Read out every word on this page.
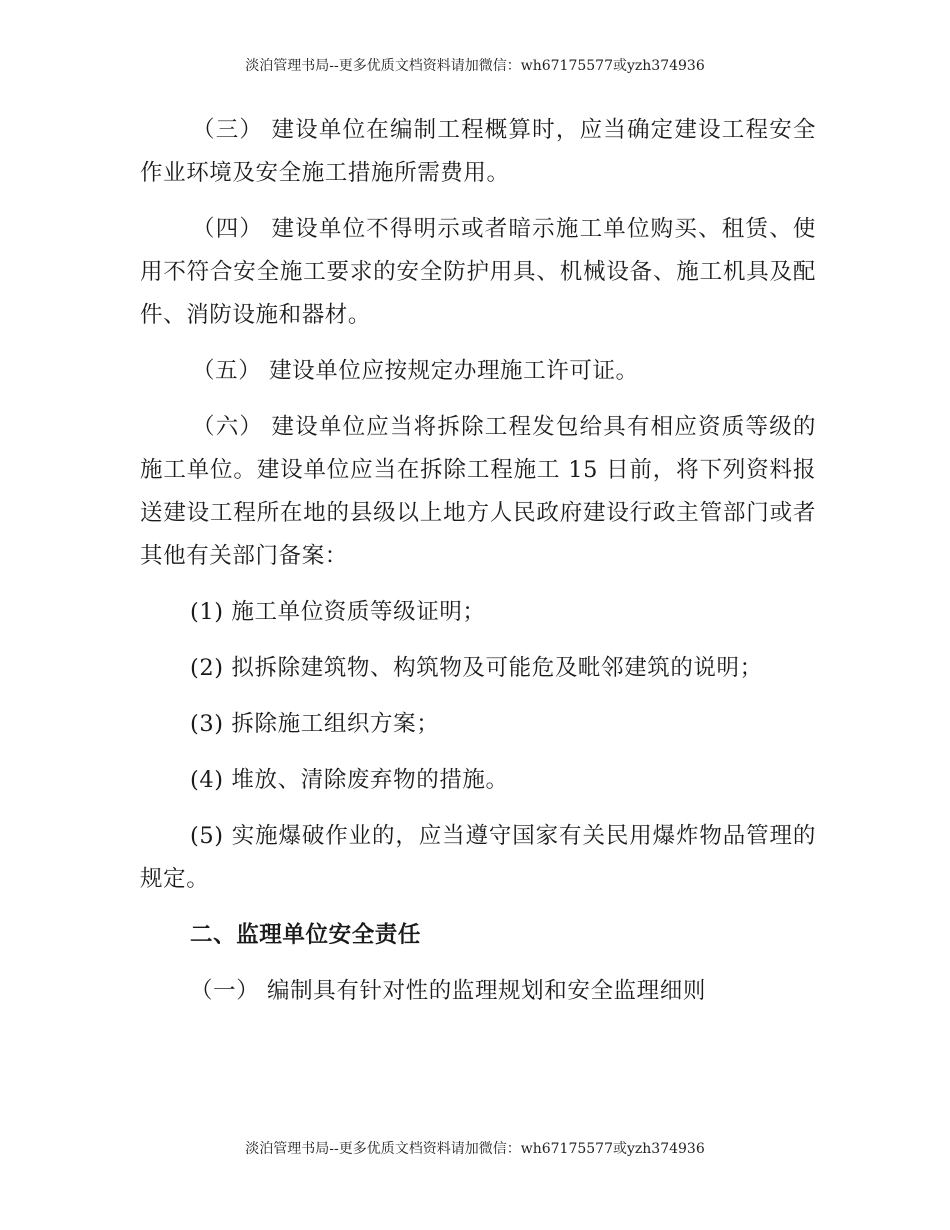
淡泊管理书局--更多优质文档资料请加微信：wh67175577或yzh374936

（三） 建设单位在编制工程概算时，应当确定建设工程安全作业环境及安全施工措施所需费用。

（四） 建设单位不得明示或者暗示施工单位购买、租赁、使用不符合安全施工要求的安全防护用具、机械设备、施工机具及配件、消防设施和器材。

（五） 建设单位应按规定办理施工许可证。

（六） 建设单位应当将拆除工程发包给具有相应资质等级的施工单位。建设单位应当在拆除工程施工 15 日前，将下列资料报送建设工程所在地的县级以上地方人民政府建设行政主管部门或者其他有关部门备案：

(1) 施工单位资质等级证明；

(2) 拟拆除建筑物、构筑物及可能危及毗邻建筑的说明；

(3) 拆除施工组织方案；

(4) 堆放、清除废弃物的措施。

(5) 实施爆破作业的，应当遵守国家有关民用爆炸物品管理的规定。

二、监理单位安全责任

（一） 编制具有针对性的监理规划和安全监理细则

淡泊管理书局--更多优质文档资料请加微信：wh67175577或yzh374936
